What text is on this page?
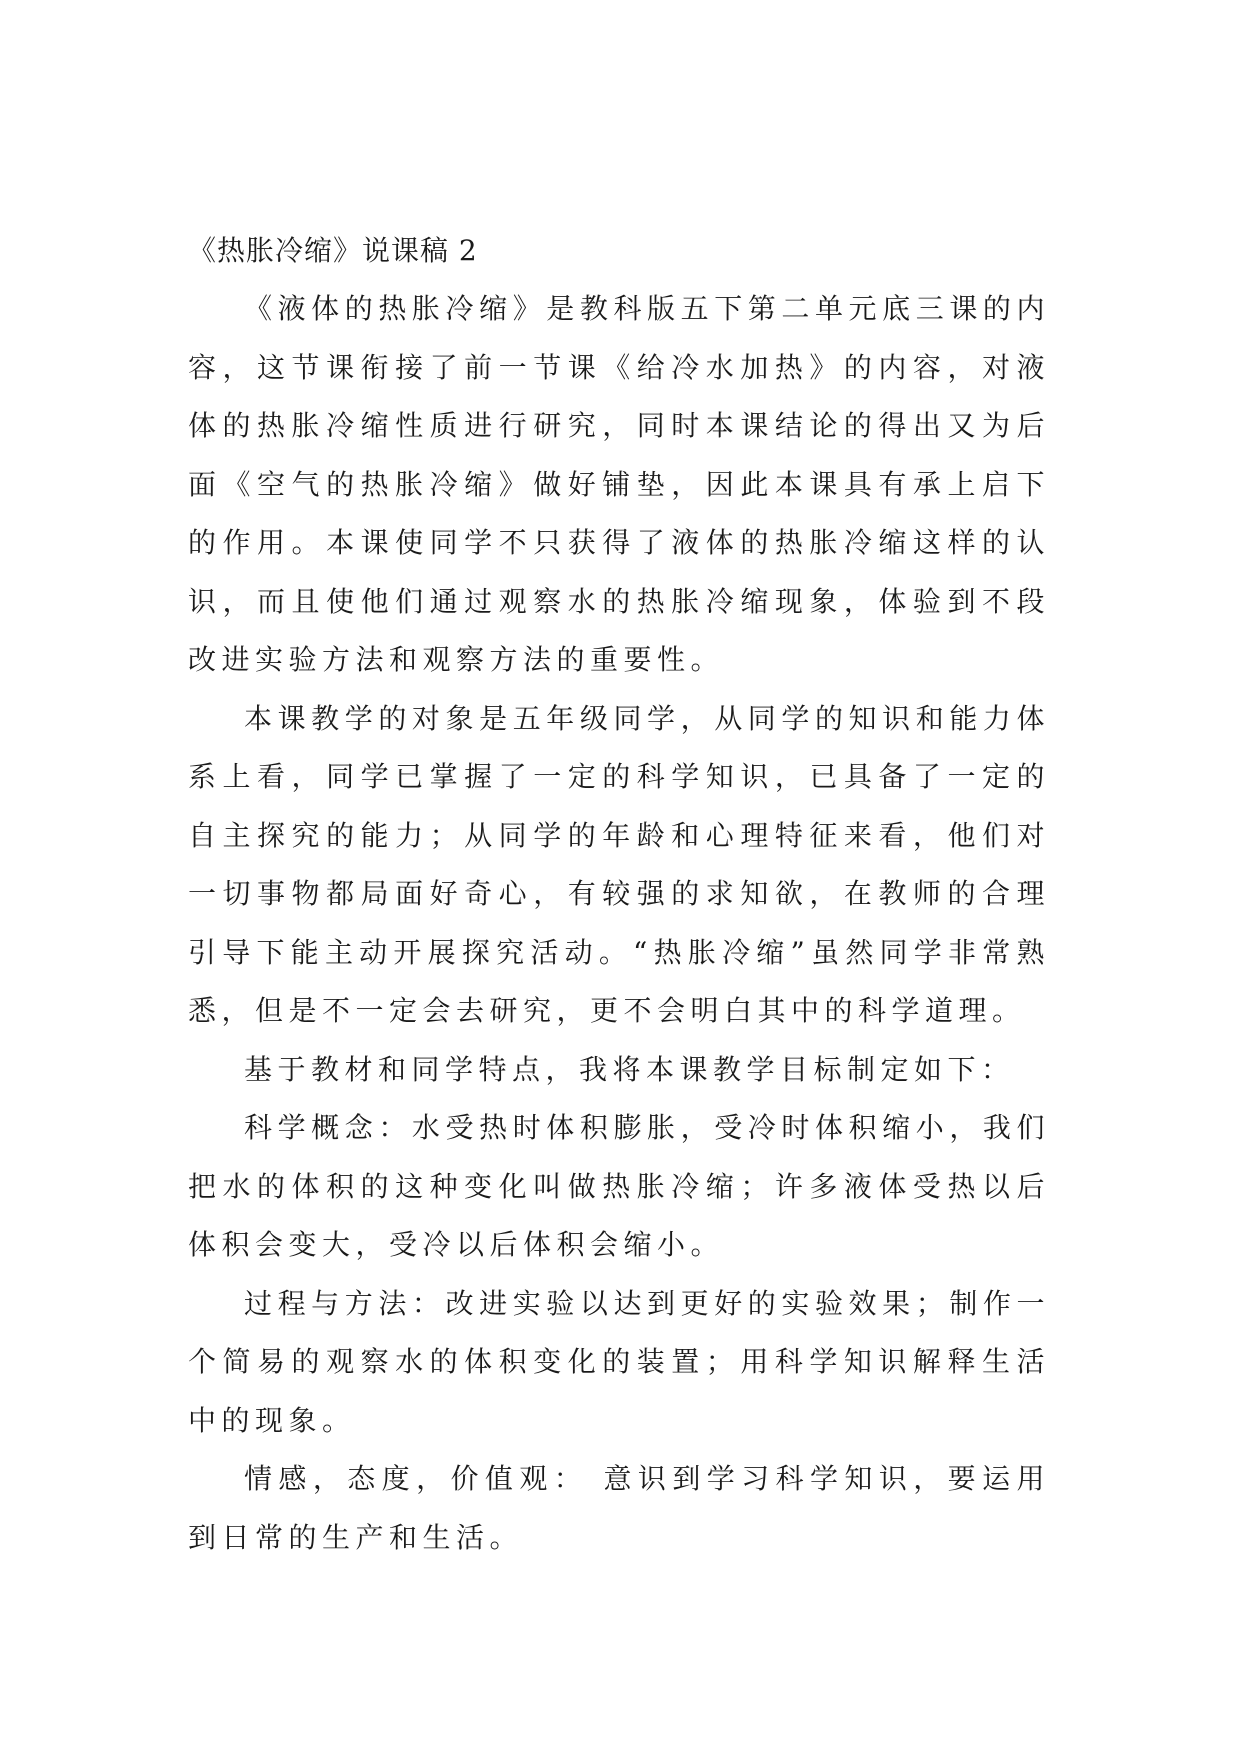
《热胀冷缩》说课稿 2

《液体的热胀冷缩》是教科版五下第二单元底三课的内容，这节课衔接了前一节课《给冷水加热》的内容，对液体的热胀冷缩性质进行研究，同时本课结论的得出又为后面《空气的热胀冷缩》做好铺垫，因此本课具有承上启下的作用。本课使同学不只获得了液体的热胀冷缩这样的认识，而且使他们通过观察水的热胀冷缩现象，体验到不段改进实验方法和观察方法的重要性。

本课教学的对象是五年级同学，从同学的知识和能力体系上看，同学已掌握了一定的科学知识，已具备了一定的自主探究的能力；从同学的年龄和心理特征来看，他们对一切事物都局面好奇心，有较强的求知欲，在教师的合理引导下能主动开展探究活动。“热胀冷缩”虽然同学非常熟悉，但是不一定会去研究，更不会明白其中的科学道理。

基于教材和同学特点，我将本课教学目标制定如下：

科学概念：水受热时体积膨胀，受冷时体积缩小，我们把水的体积的这种变化叫做热胀冷缩；许多液体受热以后体积会变大，受冷以后体积会缩小。

过程与方法：改进实验以达到更好的实验效果；制作一个简易的观察水的体积变化的装置；用科学知识解释生活中的现象。

情感，态度，价值观： 意识到学习科学知识，要运用到日常的生产和生活。
